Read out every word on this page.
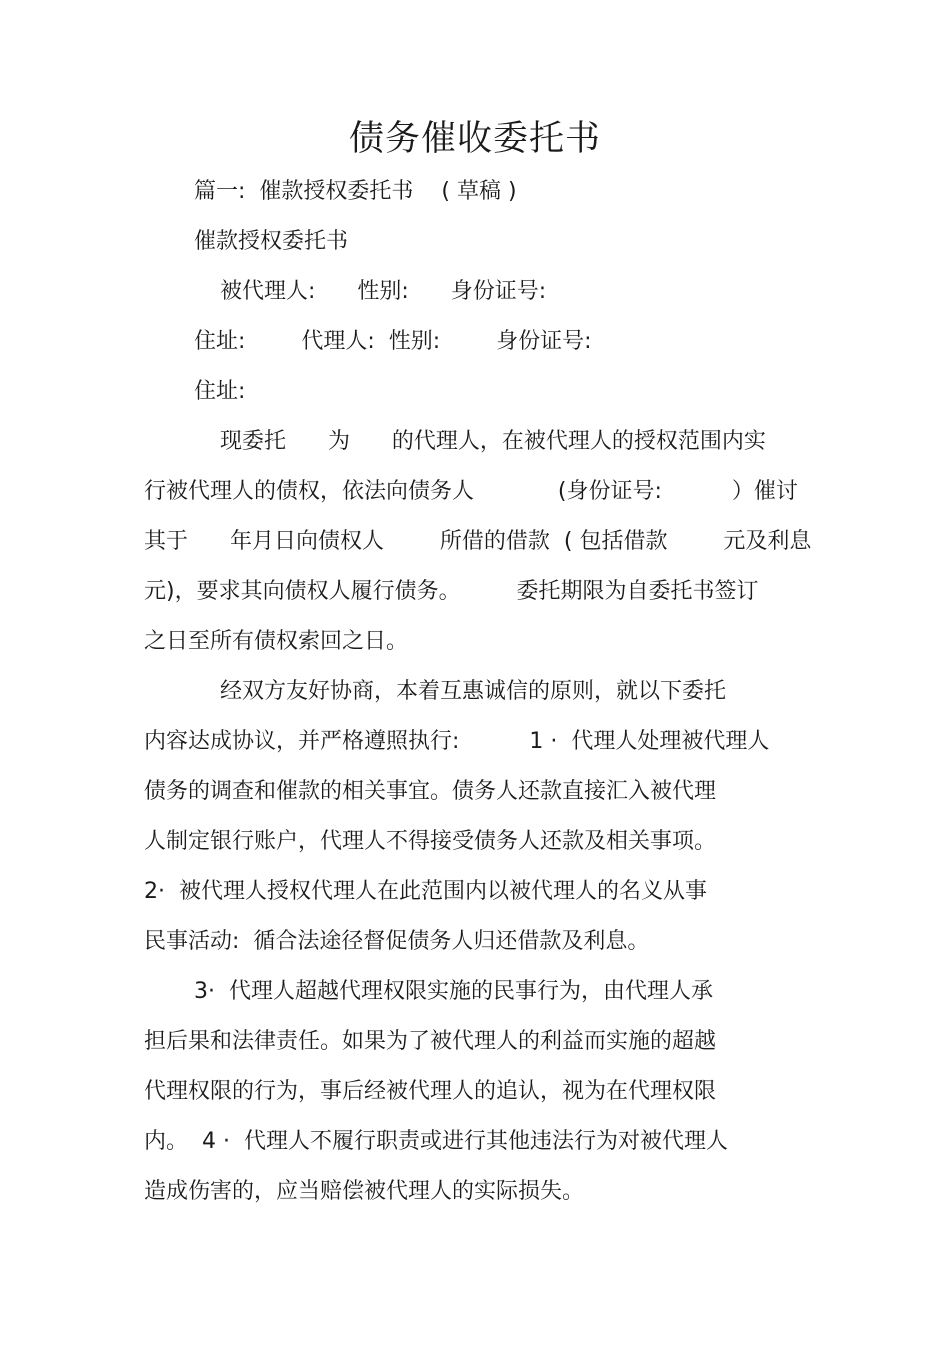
债务催收委托书
篇一:  催款授权委托书    ( 草稿 )
催款授权委托书
被代理人:      性别:      身份证号:
住址:        代理人:  性别:        身份证号:
住址:
现委托      为      的代理人，在被代理人的授权范围内实
行被代理人的债权，依法向债务人            (身份证号:          ）催讨
其于      年月日向债权人        所借的借款  ( 包括借款        元及利息
元)，要求其向债权人履行债务。        委托期限为自委托书签订
之日至所有债权索回之日。
经双方友好协商，本着互惠诚信的原则，就以下委托
内容达成协议，并严格遵照执行:          1 ·  代理人处理被代理人
债务的调查和催款的相关事宜。债务人还款直接汇入被代理
人制定银行账户，代理人不得接受债务人还款及相关事项。
2·  被代理人授权代理人在此范围内以被代理人的名义从事
民事活动:  循合法途径督促债务人归还借款及利息。
3·  代理人超越代理权限实施的民事行为，由代理人承
担后果和法律责任。如果为了被代理人的利益而实施的超越
代理权限的行为，事后经被代理人的追认，视为在代理权限
内。  4 ·  代理人不履行职责或进行其他违法行为对被代理人
造成伤害的，应当赔偿被代理人的实际损失。
